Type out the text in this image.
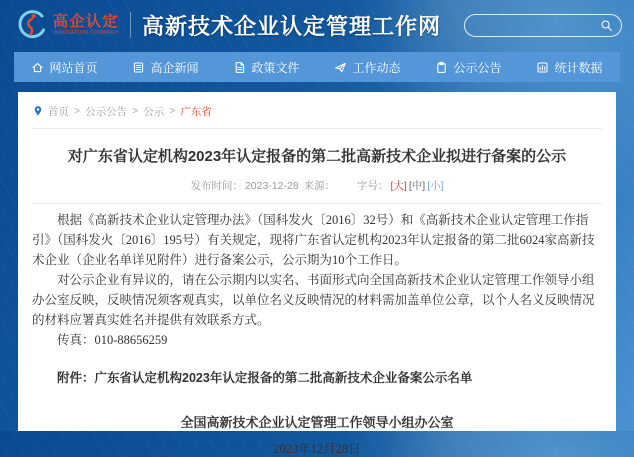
高企认定
INNOVATION COMPANY 高新技术企业认定管理工作网
网站首页	高企新闻	政策文件	工作动态	公示公告	统计数据
首页 > 公示公告 > 公示 > 广东省
对广东省认定机构2023年认定报备的第二批高新技术企业拟进行备案的公示
发布时间： 2023-12-28 来源： 字号： [大] [中] [小]

根据《高新技术企业认定管理办法》（国科发火〔2016〕32号）和《高新技术企业认定管理工作指引》（国科发火〔2016〕195号）有关规定，现将广东省认定机构2023年认定报备的第二批6024家高新技术企业（企业名单详见附件）进行备案公示，公示期为10个工作日。

对公示企业有异议的，请在公示期内以实名、书面形式向全国高新技术企业认定管理工作领导小组办公室反映，反映情况须客观真实，以单位名义反映情况的材料需加盖单位公章，以个人名义反映情况的材料应署真实姓名并提供有效联系方式。

传真：010-88656259

附件：广东省认定机构2023年认定报备的第二批高新技术企业备案公示名单
全国高新技术企业认定管理工作领导小组办公室
2023年12月28日
